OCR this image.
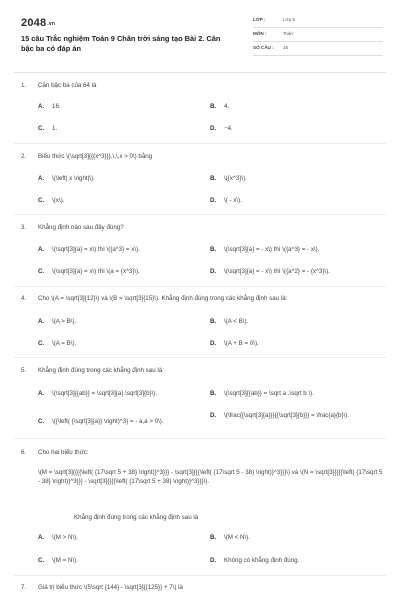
2048.vn
15 câu Trắc nghiệm Toán 9 Chân trời sáng tạo Bài 2. Căn bậc ba có đáp án
LỚP :	Lớp 9
MÔN :	Toán
SỐ CÂU :	15
1.	Căn bậc ba của 64 là
A.	16.	B.	4.
C.	1.	D.	−4.
2.	Biểu thức \(\sqrt[3]{{{x^3}}},\,\,x > 0\) bằng
A.	\(\left| x \right|\).	B.	\({x^3}\).
C.	\(x\).	D.	\( - x\).
3.	Khẳng định nào sau đây đúng?
A.	\(\sqrt[3]{a} = x\) thì \({a^3} = x\).	B.	\(\sqrt[3]{a} = - x\) thì \({a^3} = - x\).
C.	\(\sqrt[3]{a} = x\) thì \(a = {x^3}\).	D.	\(\sqrt[3]{a} = - x\) thì \({a^2} = - {x^3}\).
4.	Cho \(A = \sqrt[3]{12}\) và \(B = \sqrt[3]{15}\). Khẳng định đúng trong các khẳng định sau là:
A.	\(A > B\).	B.	\(A < B\).
C.	\(A = B\).	D.	\(A + B = 0\).
5.	Khẳng định đúng trong các khẳng định sau là:
A.	\(\sqrt[3]{{ab}} = \sqrt[3]{a}.\sqrt[3]{b}\).	B.	\(\sqrt[3]{{ab}} = \sqrt a .\sqrt b \).
C.	\({\left( {\sqrt[3]{a}} \right)^3} = - a,a > 0\).
D.	\(\frac{{\sqrt[3]{a}}}{{\sqrt[3]{b}}} = \frac{a}{b}\).
6.	Cho hai biểu thức:
\(M = \sqrt[3]{{{{\left( {17\sqrt 5 + 38} \right)}^3}}} - \sqrt[3]{{{\left( {17\sqrt 5 - 38} \right)}^3}}}\) và \(N = \sqrt[3]{{{{\left( {17\sqrt 5 - 38} \right)}^3}}} - \sqrt[3]{{{{\left( {17\sqrt 5 + 38} \right)}^3}}}\).
Khẳng định đúng trong các khẳng định sau là
A.	\(M > N\).	B.	\(M < N\).
C.	\(M = N\).	D.	Không có khẳng định đúng.
7.	Giá trị biểu thức \(5\sqrt {144} - \sqrt[3]{{125}} + 7\) là
